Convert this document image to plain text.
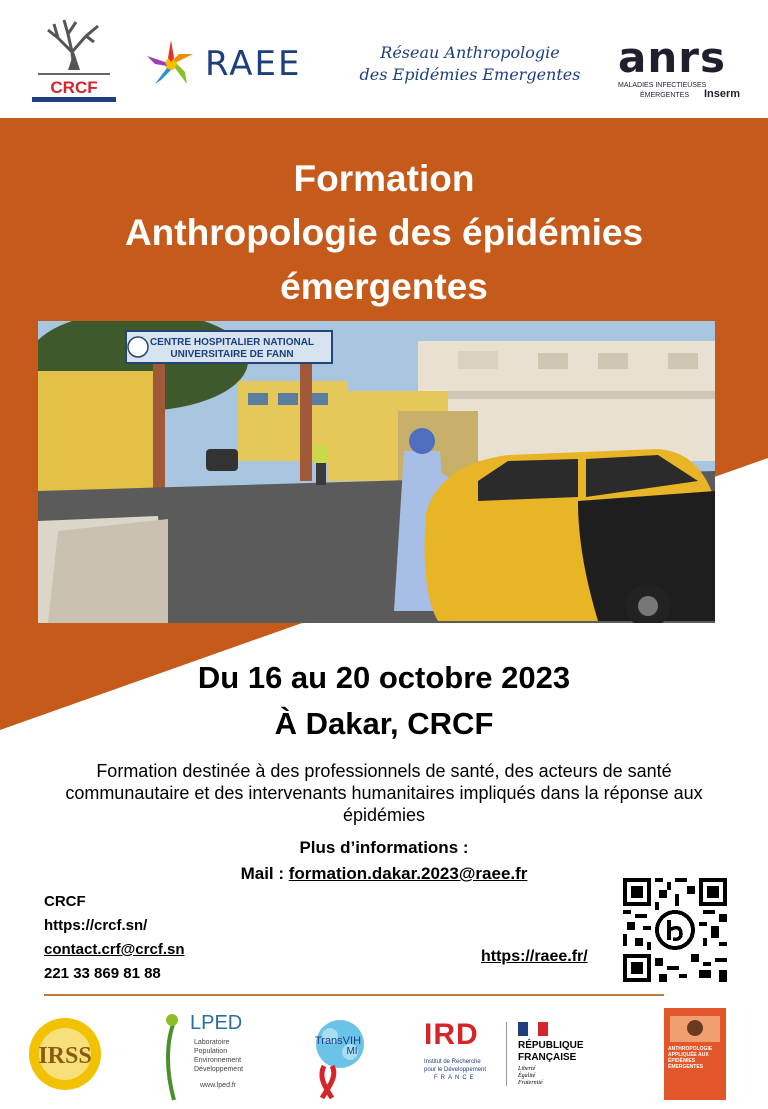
CRCF
RAEE	Réseau Anthropologie
des Epidémies Emergentes anrs
MALADIES INFECTIEUSES
ÉMERGENTES	Inserm
Formation
Anthropologie des épidémies
émergentes
CENTRE HOSPITALIER NATIONAL
UNIVERSITAIRE DE FANN
Du 16 au 20 octobre 2023
À Dakar, CRCF
Formation destinée à des professionnels de santé, des acteurs de santé communautaire et des intervenants humanitaires impliqués dans la réponse aux épidémies
Plus d’informations :
Mail : formation.dakar.2023@raee.fr
CRCF
https://crcf.sn/
contact.crf@crcf.sn
221 33 869 81 88
https://raee.fr/
IRSS
LPED
Laboratoire
Population
Environnement
Développement
www.lped.fr
TransVIH
MI
IRD
Institut de Recherche
pour le Développement
FRANCE
RÉPUBLIQUE
FRANÇAISE
Liberté
Égalité
Fraternité
ANTHROPOLOGIE APPLIQUÉE AUX ÉPIDÉMIES ÉMERGENTES
